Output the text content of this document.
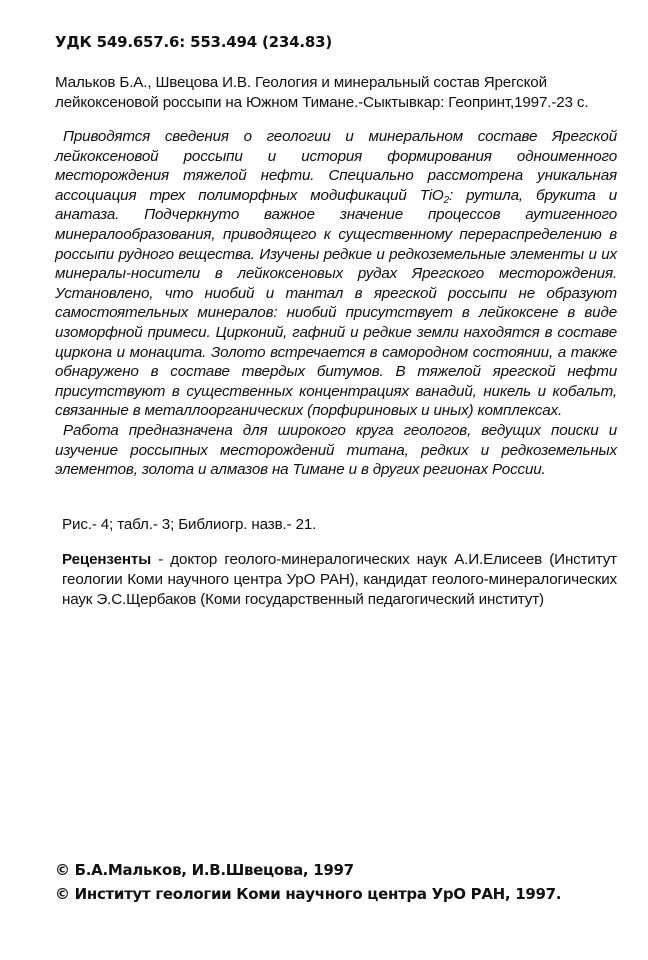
УДК 549.657.6: 553.494 (234.83)
Мальков Б.А., Швецова И.В. Геология и минеральный состав Ярегской лейкоксеновой россыпи на Южном Тимане.-Сыктывкар: Геопринт,1997.-23 с.

Приводятся сведения о геологии и минеральном составе Ярегской лейкоксеновой россыпи и история формирования одноименного месторождения тяжелой нефти. Специально рассмотрена уникальная ассоциация трех полиморфных модификаций TiO$_2$: рутила, брукита и анатаза. Подчеркнуто важное значение процессов аутигенного минералообразования, приводящего к существенному перераспределению в россыпи рудного вещества. Изучены редкие и редкоземельные элементы и их минералы-носители в лейкоксеновых рудах Ярегского месторождения. Установлено, что ниобий и тантал в ярегской россыпи не образуют самостоятельных минералов: ниобий присутствует в лейкоксене в виде изоморфной примеси. Цирконий, гафний и редкие земли находятся в составе циркона и монацита. Золото встречается в самородном состоянии, а также обнаружено в составе твердых битумов. В тяжелой ярегской нефти присутствуют в существенных концентрациях ванадий, никель и кобальт, связанные в металлоорганических (порфириновых и иных) комплексах.

Работа предназначена для широкого круга геологов, ведущих поиски и изучение россыпных месторождений титана, редких и редкоземельных элементов, золота и алмазов на Тимане и в других регионах России.

Рис.- 4; табл.- 3; Библиогр. назв.- 21.
Рецензенты - доктор геолого-минералогических наук А.И.Елисеев (Институт геологии Коми научного центра УрО РАН), кандидат геолого-минералогических наук Э.С.Щербаков (Коми государственный педагогический институт)
© Б.А.Мальков, И.В.Швецова, 1997
© Институт геологии Коми научного центра УрО РАН, 1997.
